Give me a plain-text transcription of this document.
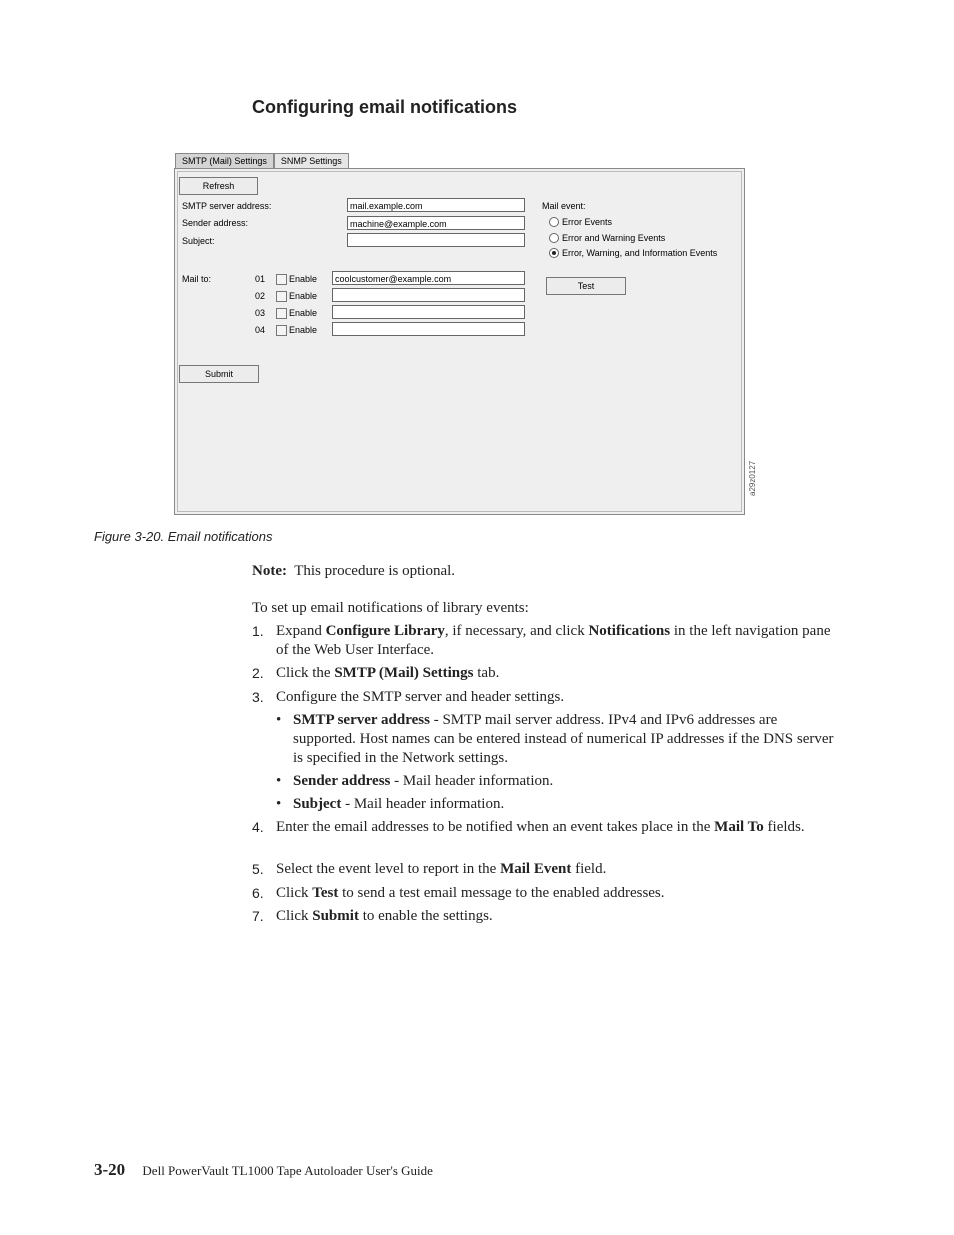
Configuring email notifications
SMTP (Mail) Settings	SNMP Settings
Refresh
SMTP server address:	mail.example.com
Sender address:	machine@example.com
Subject:
Mail to:	01	Enable	coolcustomer@example.com
02	Enable
03	Enable
04	Enable
Mail event:
Error Events
Error and Warning Events
Error, Warning, and Information Events
Test
Submit
a29z0127
Figure 3-20. Email notifications
Note: This procedure is optional.
To set up email notifications of library events:
1. Expand Configure Library, if necessary, and click Notifications in the left navigation pane of the Web User Interface.
2. Click the SMTP (Mail) Settings tab.
3. Configure the SMTP server and header settings.
• SMTP server address - SMTP mail server address. IPv4 and IPv6 addresses are supported. Host names can be entered instead of numerical IP addresses if the DNS server is specified in the Network settings.
• Sender address - Mail header information.
• Subject - Mail header information.
4. Enter the email addresses to be notified when an event takes place in the Mail To fields.
5. Select the event level to report in the Mail Event field.
6. Click Test to send a test email message to the enabled addresses.
7. Click Submit to enable the settings.
3-20 Dell PowerVault TL1000 Tape Autoloader User's Guide
